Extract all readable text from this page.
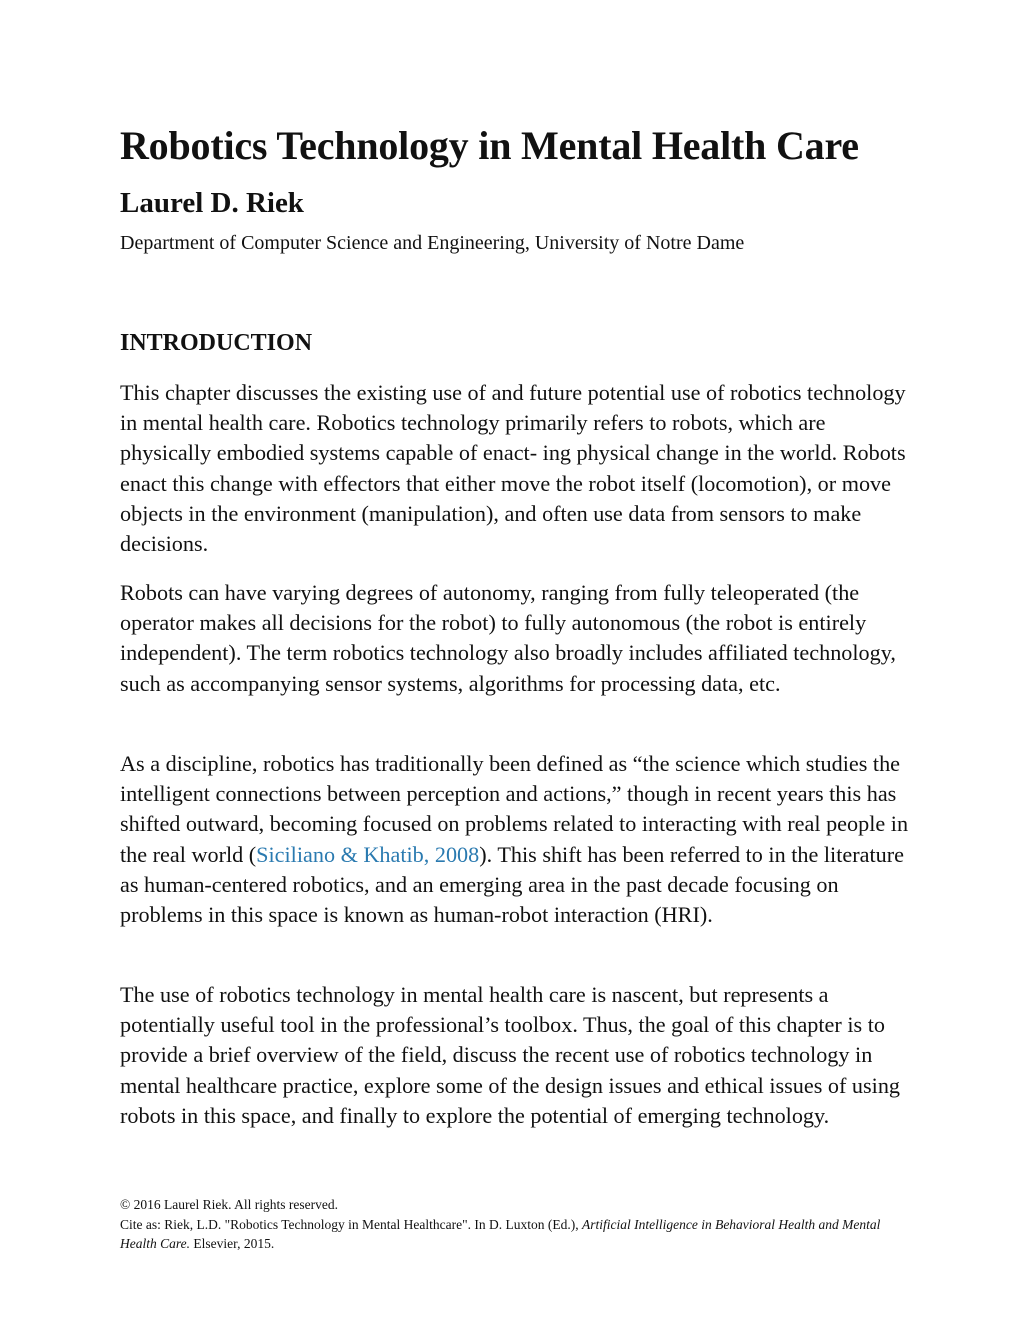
Robotics Technology in Mental Health Care
Laurel D. Riek
Department of Computer Science and Engineering, University of Notre Dame
INTRODUCTION

This chapter discusses the existing use of and future potential use of robotics technology in mental health care. Robotics technology primarily refers to robots, which are physically embodied systems capable of enact- ing physical change in the world. Robots enact this change with effectors that either move the robot itself (locomotion), or move objects in the environment (manipulation), and often use data from sensors to make decisions.

Robots can have varying degrees of autonomy, ranging from fully teleoperated (the operator makes all decisions for the robot) to fully autonomous (the robot is entirely independent). The term robotics technology also broadly includes affiliated technology, such as accompanying sensor systems, algorithms for processing data, etc.

As a discipline, robotics has traditionally been defined as “the science which studies the intelligent connections between perception and actions,” though in recent years this has shifted outward, becoming focused on problems related to interacting with real people in the real world (Siciliano & Khatib, 2008). This shift has been referred to in the literature as human-centered robotics, and an emerging area in the past decade focusing on problems in this space is known as human-robot interaction (HRI).

The use of robotics technology in mental health care is nascent, but represents a potentially useful tool in the professional’s toolbox. Thus, the goal of this chapter is to provide a brief overview of the field, discuss the recent use of robotics technology in mental healthcare practice, explore some of the design issues and ethical issues of using robots in this space, and finally to explore the potential of emerging technology.

© 2016 Laurel Riek. All rights reserved.
Cite as: Riek, L.D. "Robotics Technology in Mental Healthcare". In D. Luxton (Ed.), Artificial Intelligence in Behavioral Health and Mental Health Care. Elsevier, 2015.
